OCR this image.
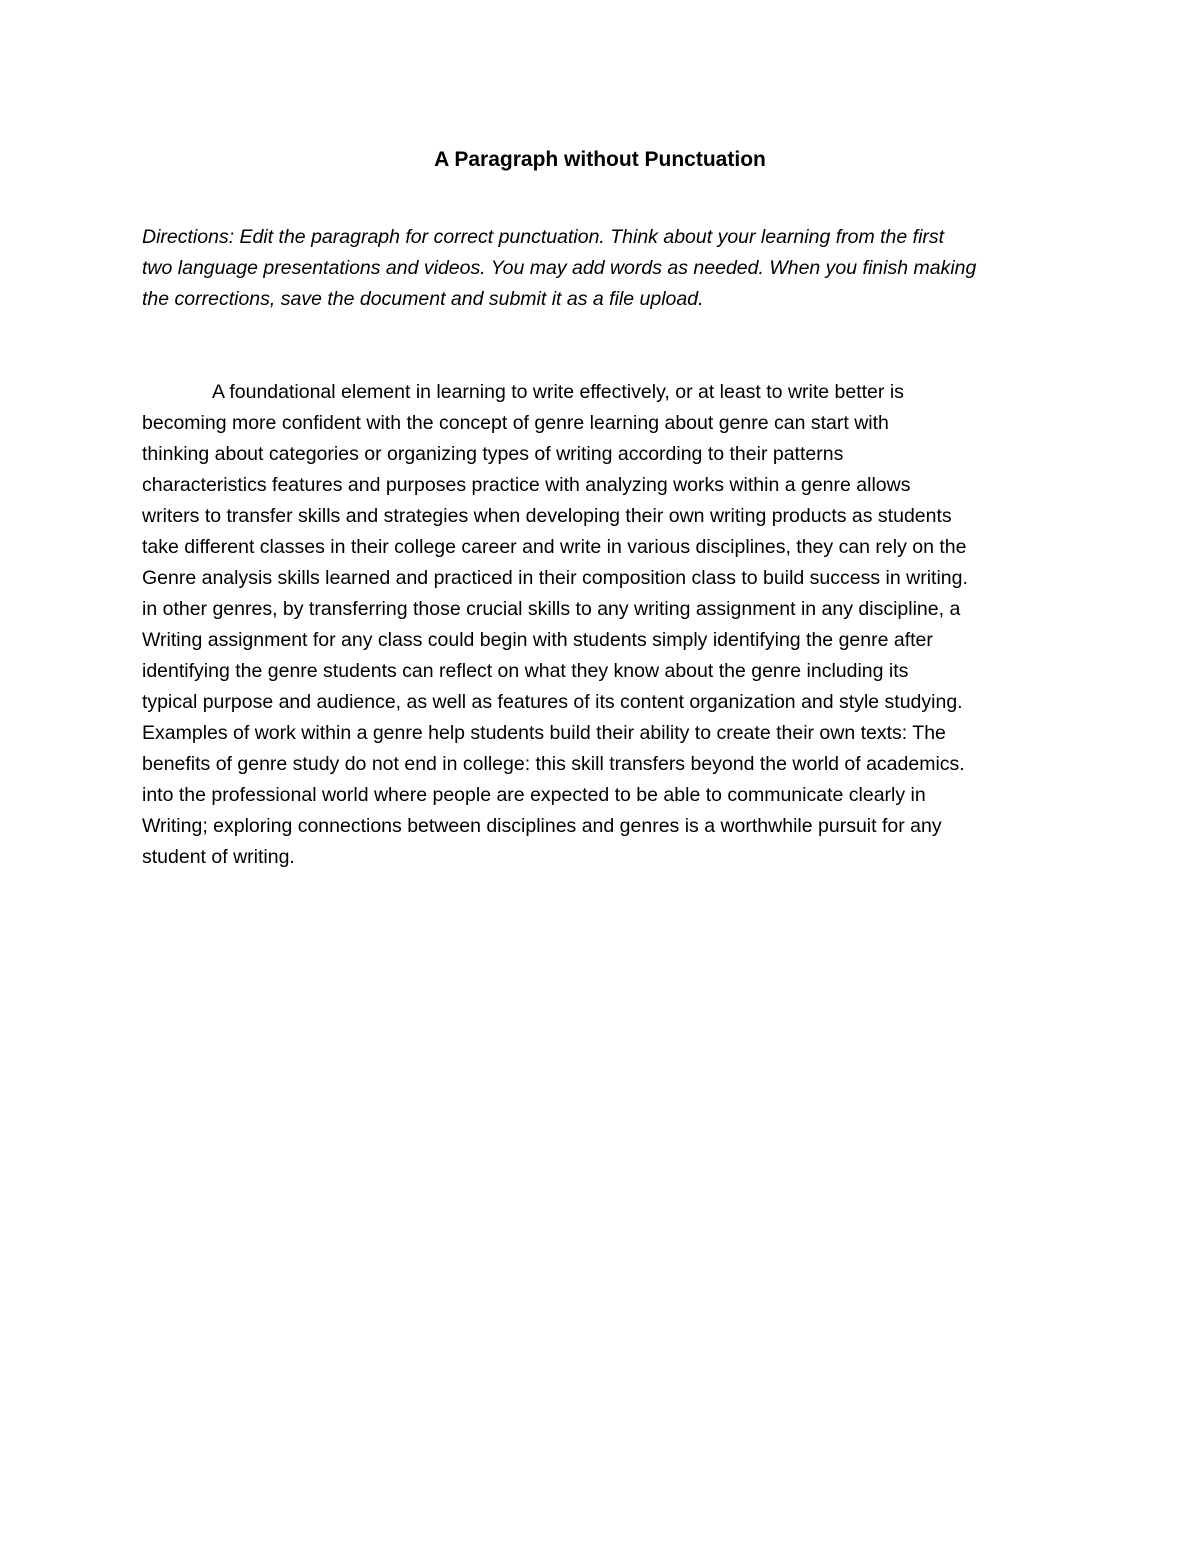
A Paragraph without Punctuation
Directions: Edit the paragraph for correct punctuation. Think about your learning from the first
two language presentations and videos. You may add words as needed. When you finish making
the corrections, save the document and submit it as a file upload.
A foundational element in learning to write effectively, or at least to write better is
becoming more confident with the concept of genre learning about genre can start with
thinking about categories or organizing types of writing according to their patterns
characteristics features and purposes practice with analyzing works within a genre allows
writers to transfer skills and strategies when developing their own writing products as students
take different classes in their college career and write in various disciplines, they can rely on the
Genre analysis skills learned and practiced in their composition class to build success in writing.
in other genres, by transferring those crucial skills to any writing assignment in any discipline, a
Writing assignment for any class could begin with students simply identifying the genre after
identifying the genre students can reflect on what they know about the genre including its
typical purpose and audience, as well as features of its content organization and style studying.
Examples of work within a genre help students build their ability to create their own texts: The
benefits of genre study do not end in college: this skill transfers beyond the world of academics.
into the professional world where people are expected to be able to communicate clearly in
Writing; exploring connections between disciplines and genres is a worthwhile pursuit for any
student of writing.
